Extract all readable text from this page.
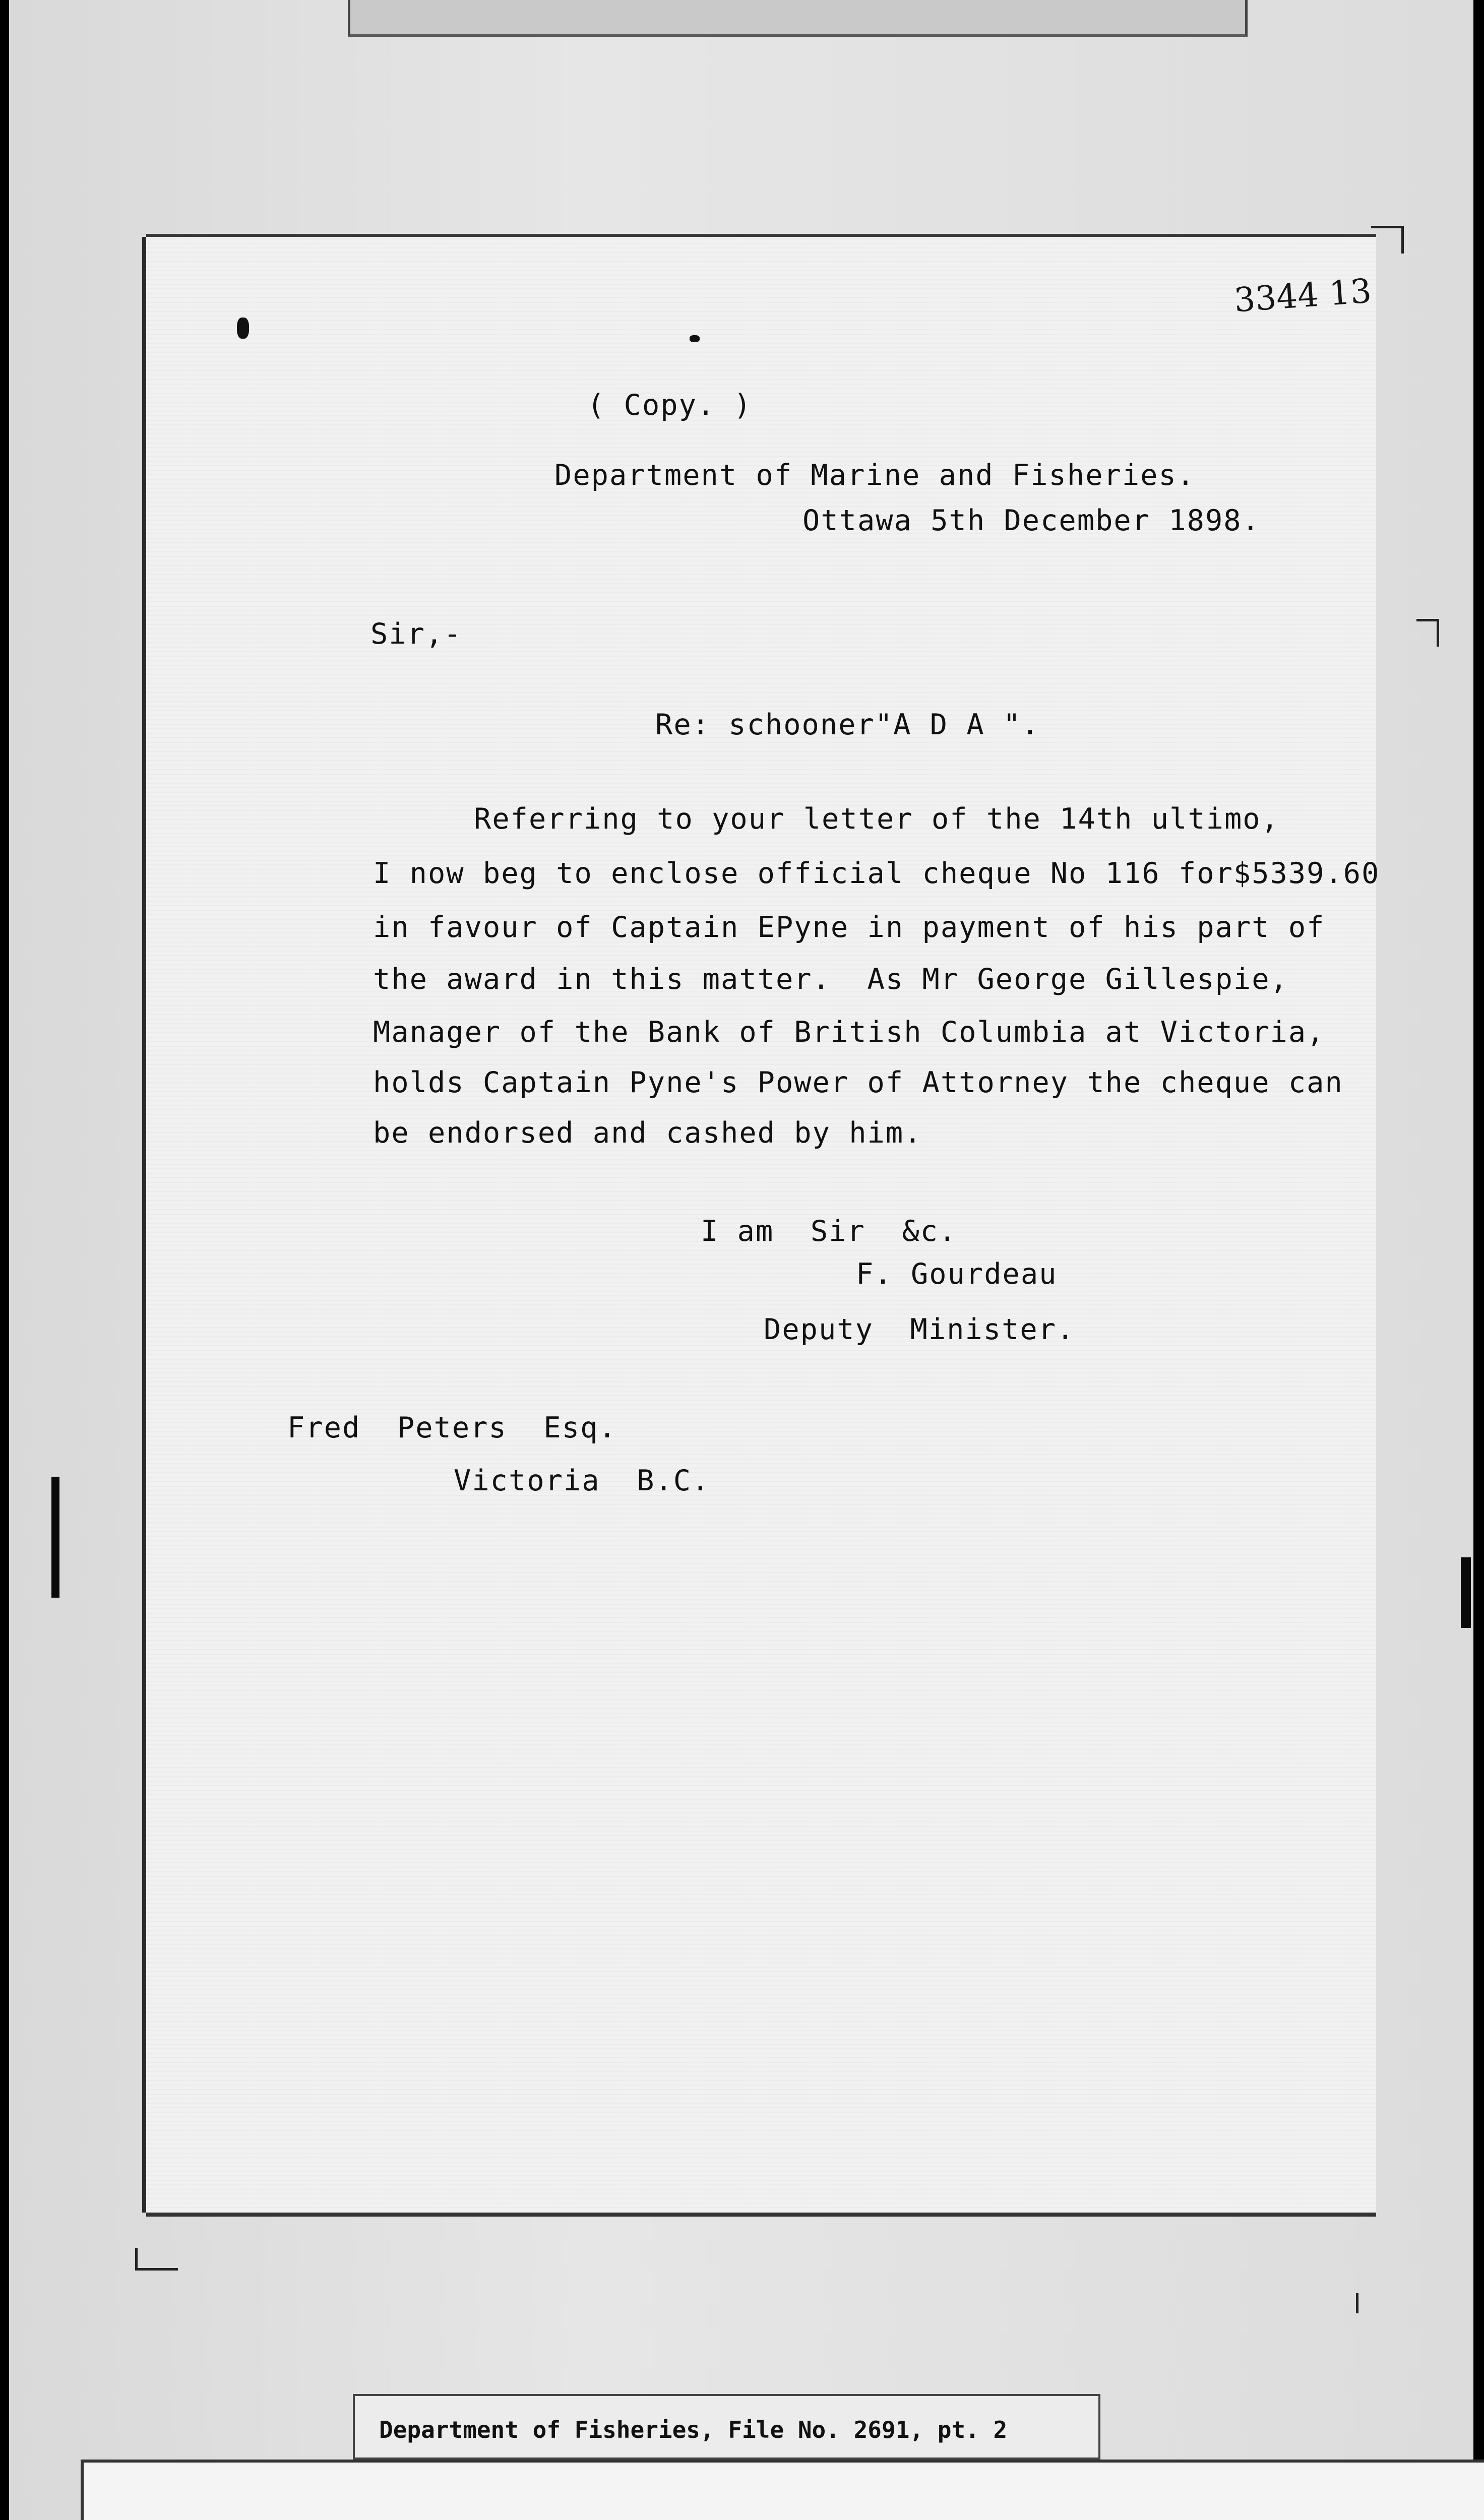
3344 13
( Copy. )
Department of Marine and Fisheries.
Ottawa 5th December 1898.
Sir,-
Re: schooner"A D A ".
Referring to your letter of the 14th ultimo,
I now beg to enclose official cheque No 116 for$5339.60
in favour of Captain EPyne in payment of his part of
the award in this matter.  As Mr George Gillespie,
Manager of the Bank of British Columbia at Victoria,
holds Captain Pyne's Power of Attorney the cheque can
be endorsed and cashed by him.
I am  Sir  &c.
F. Gourdeau
Deputy  Minister.
Fred  Peters  Esq.
Victoria  B.C.
Department of Fisheries, File No. 2691, pt. 2
